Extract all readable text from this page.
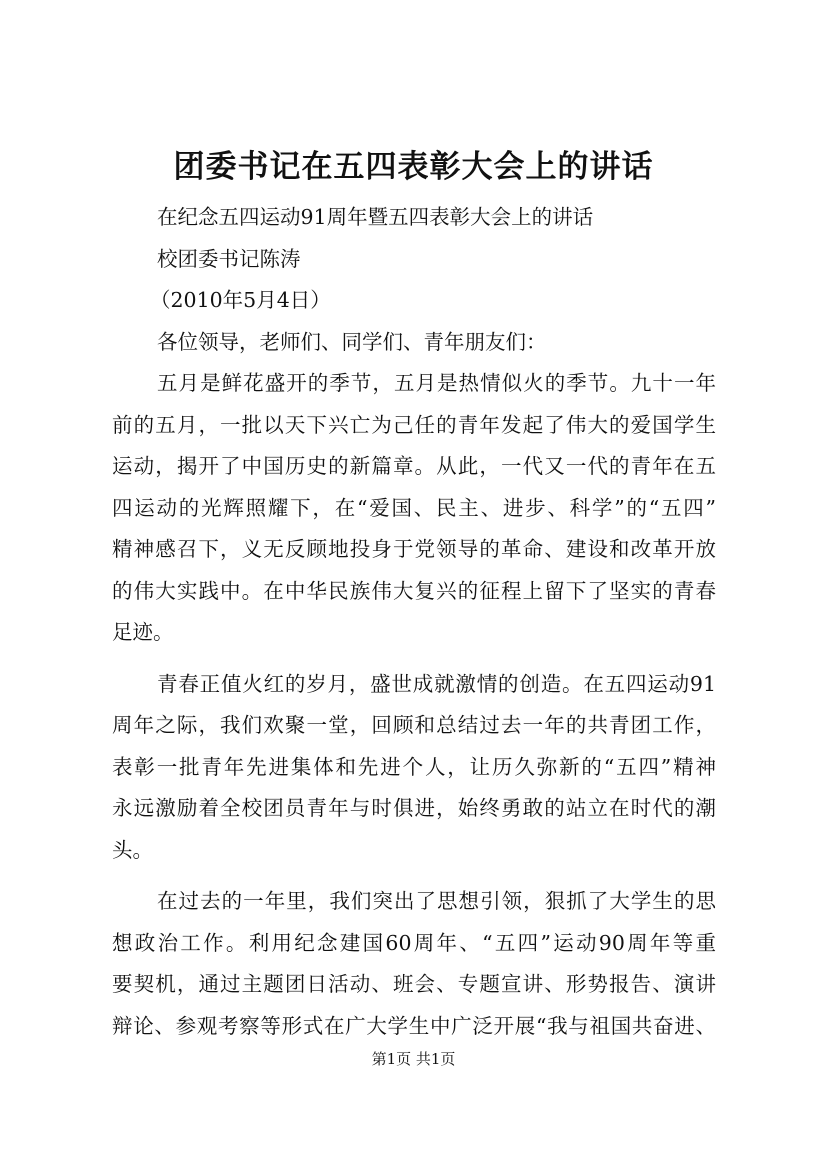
团委书记在五四表彰大会上的讲话
在纪念五四运动91周年暨五四表彰大会上的讲话
校团委书记陈涛
（2010年5月4日）
各位领导，老师们、同学们、青年朋友们：
五月是鲜花盛开的季节，五月是热情似火的季节。九十一年
前的五月，一批以天下兴亡为己任的青年发起了伟大的爱国学生
运动，揭开了中国历史的新篇章。从此，一代又一代的青年在五
四运动的光辉照耀下，在“爱国、民主、进步、科学”的“五四”
精神感召下，义无反顾地投身于党领导的革命、建设和改革开放
的伟大实践中。在中华民族伟大复兴的征程上留下了坚实的青春
足迹。
青春正值火红的岁月，盛世成就激情的创造。在五四运动91
周年之际，我们欢聚一堂，回顾和总结过去一年的共青团工作，
表彰一批青年先进集体和先进个人，让历久弥新的“五四”精神
永远激励着全校团员青年与时俱进，始终勇敢的站立在时代的潮
头。
在过去的一年里，我们突出了思想引领，狠抓了大学生的思
想政治工作。利用纪念建国60周年、“五四”运动90周年等重
要契机，通过主题团日活动、班会、专题宣讲、形势报告、演讲
辩论、参观考察等形式在广大学生中广泛开展“我与祖国共奋进、
第1页 共1页
